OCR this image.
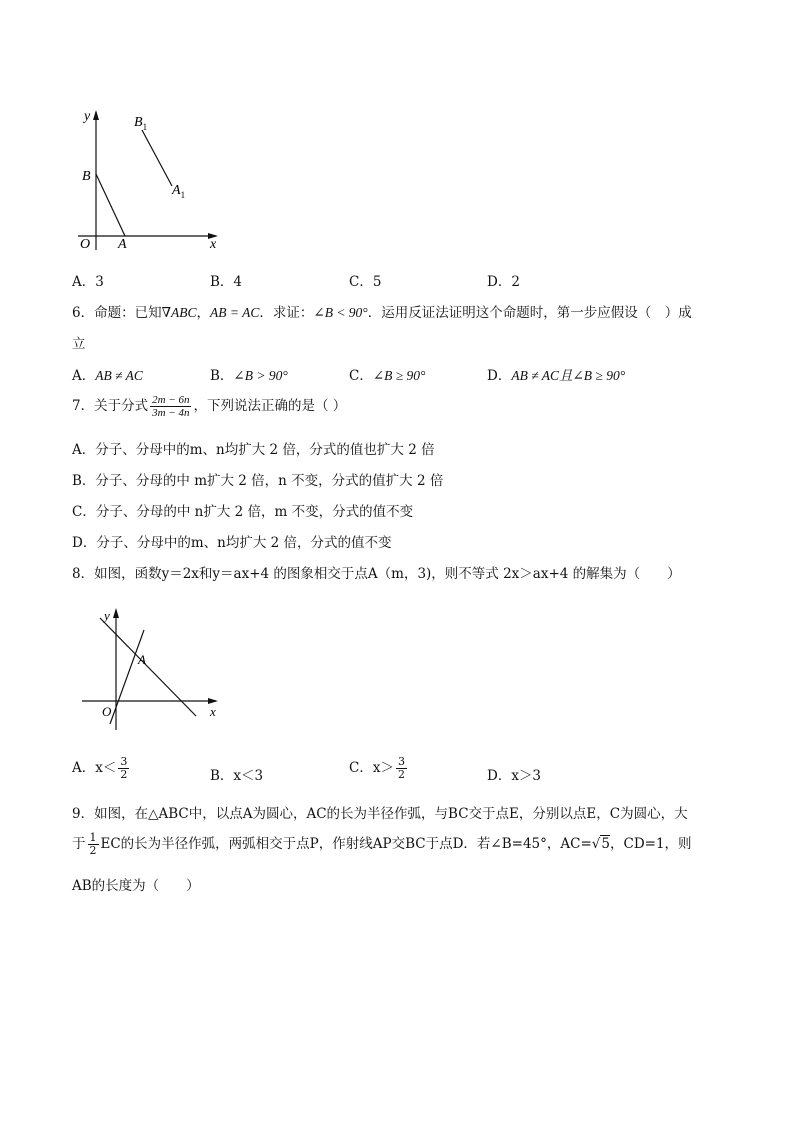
y
x
O A
B
$B_1$
$A_1$
A．3	B．4	C．5	D．2
6．命题：已知∇ABC，AB = AC．求证：∠B < 90°．运用反证法证明这个命题时，第一步应假设（　）成
立
A．AB ≠ AC	B．∠B > 90°	C．∠B ≥ 90°	D．AB ≠ AC且∠B ≥ 90°
7．关于分式 $\frac{2m - 6n}{3m - 4n}$ ，下列说法正确的是（ ）
A．分子、分母中的m、n均扩大 2 倍，分式的值也扩大 2 倍
B．分子、分母的中 m扩大 2 倍，n 不变，分式的值扩大 2 倍
C．分子、分母的中 n扩大 2 倍，m 不变，分式的值不变
D．分子、分母中的m、n均扩大 2 倍，分式的值不变
8．如图，函数y＝2x和y＝ax+4 的图象相交于点A（m，3)，则不等式 2x＞ax+4 的解集为（　　）
y
x
O
A
A．$x< \frac{3}{2}$	B．x＜3	C．$x> \frac{3}{2}$	D．x＞3
9．如图，在△ABC中，以点A为圆心，AC的长为半径作弧，与BC交于点E，分别以点E，C为圆心，大
于 $\frac{1}{2}$ EC的长为半径作弧，两弧相交于点P，作射线AP交BC于点D．若∠B=45°，AC=√5，CD=1，则
AB的长度为（　　）
